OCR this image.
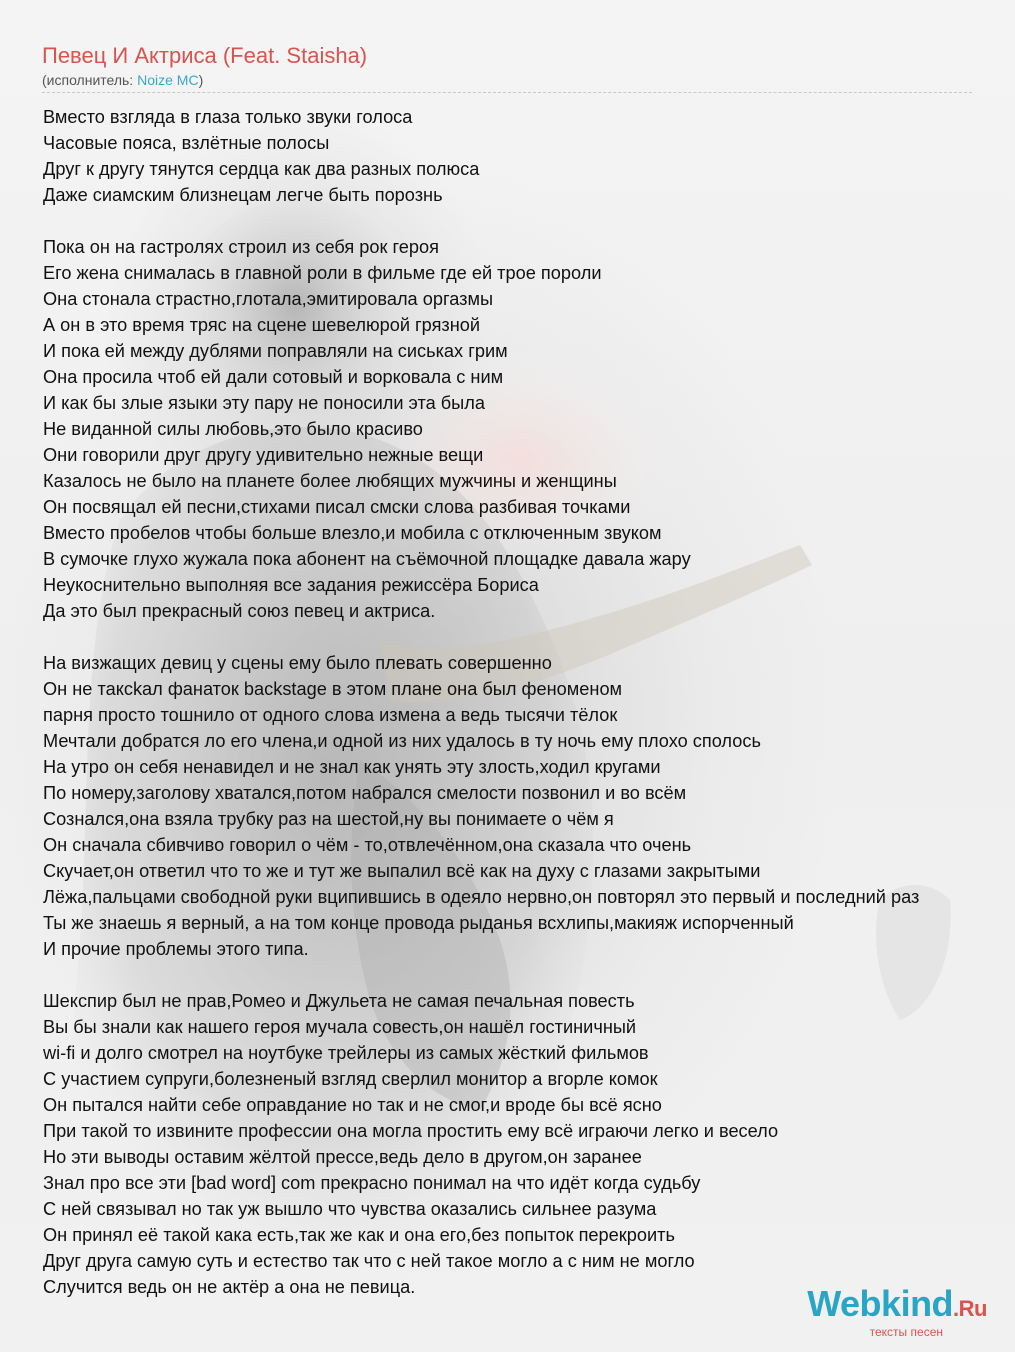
Певец И Актриса (Feat. Staisha)
(исполнитель: Noize MC)
Вместо взгляда в глаза только звуки голоса
Часовые пояса, взлётные полосы
Друг к другу тянутся сердца как два разных полюса
Даже сиамским близнецам легче быть порознь
Пока он на гастролях строил из себя рок героя
Его жена снималась в главной роли в фильме где ей трое пороли
Она стонала страстно,глотала,эмитировала оргазмы
А он в это время тряс на сцене шевелюрой грязной
И пока ей между дублями поправляли на сиськах грим
Она просила чтоб ей дали сотовый и ворковала с ним
И как бы злые языки эту пару не поносили эта была
Не виданной силы любовь,это было красиво
Они говорили друг другу удивительно нежные вещи
Казалось не было на планете более любящих мужчины и женщины
Он посвящал ей песни,стихами писал смски слова разбивая точками
Вместо пробелов чтобы больше влезло,и мобила с отключенным звуком
В сумочке глухо жужала пока абонент на съёмочной площадке давала жару
Неукоснительно выполняя все задания режиссёра Бориса
Да это был прекрасный союз певец и актриса.
На визжащих девиц у сцены ему было плевать совершенно
Он не таксkал фанаток backstage в этом плане она был феноменом
парня просто тошнило от одного слова измена а ведь тысячи тёлок
Мечтали добратся ло его члена,и одной из них удалось в ту ночь ему плохо сполось
На утро он себя ненавидел и не знал как унять эту злость,ходил кругами
По номеру,заголову хватался,потом набрался смелости позвонил и во всём
Сознался,она взяла трубку раз на шестой,ну вы понимаете о чём я
Он сначала сбивчиво говорил о чём - то,отвлечённом,она сказала что очень
Скучает,он ответил что то же и тут же выпалил всё как на духу с глазами закрытыми
Лёжа,пальцами свободной руки вципившись в одеяло нервно,он повторял это первый и последний раз
Ты же знаешь я верный, а на том конце провода рыданья всхлипы,макияж испорченный
И прочие проблемы этого типа.
Шекспир был не прав,Ромео и Джульета не самая печальная повесть
Вы бы знали как нашего героя мучала совесть,он нашёл гостиничный
wi-fi и долго смотрел на ноутбуке трейлеры из самых жёсткий фильмов
С участием супруги,болезненый взгляд сверлил монитор а вгорле комок
Он пытался найти себе оправдание но так и не смог,и вроде бы всё ясно
При такой то извините профессии она могла простить ему всё играючи легко и весело
Но эти выводы оставим жёлтой прессе,ведь дело в другом,он заранее
Знал про все эти [bad word] com прекрасно понимал на что идёт когда судьбу
С ней связывал но так уж вышло что чувства оказались сильнее разума
Он принял её такой кака есть,так же как и она его,без попыток перекроить
Друг друга самую суть и естество так что с ней такое могло а с ним не могло
Случится ведь он не актёр а она не певица.	Webkind.Ru
тексты песен
